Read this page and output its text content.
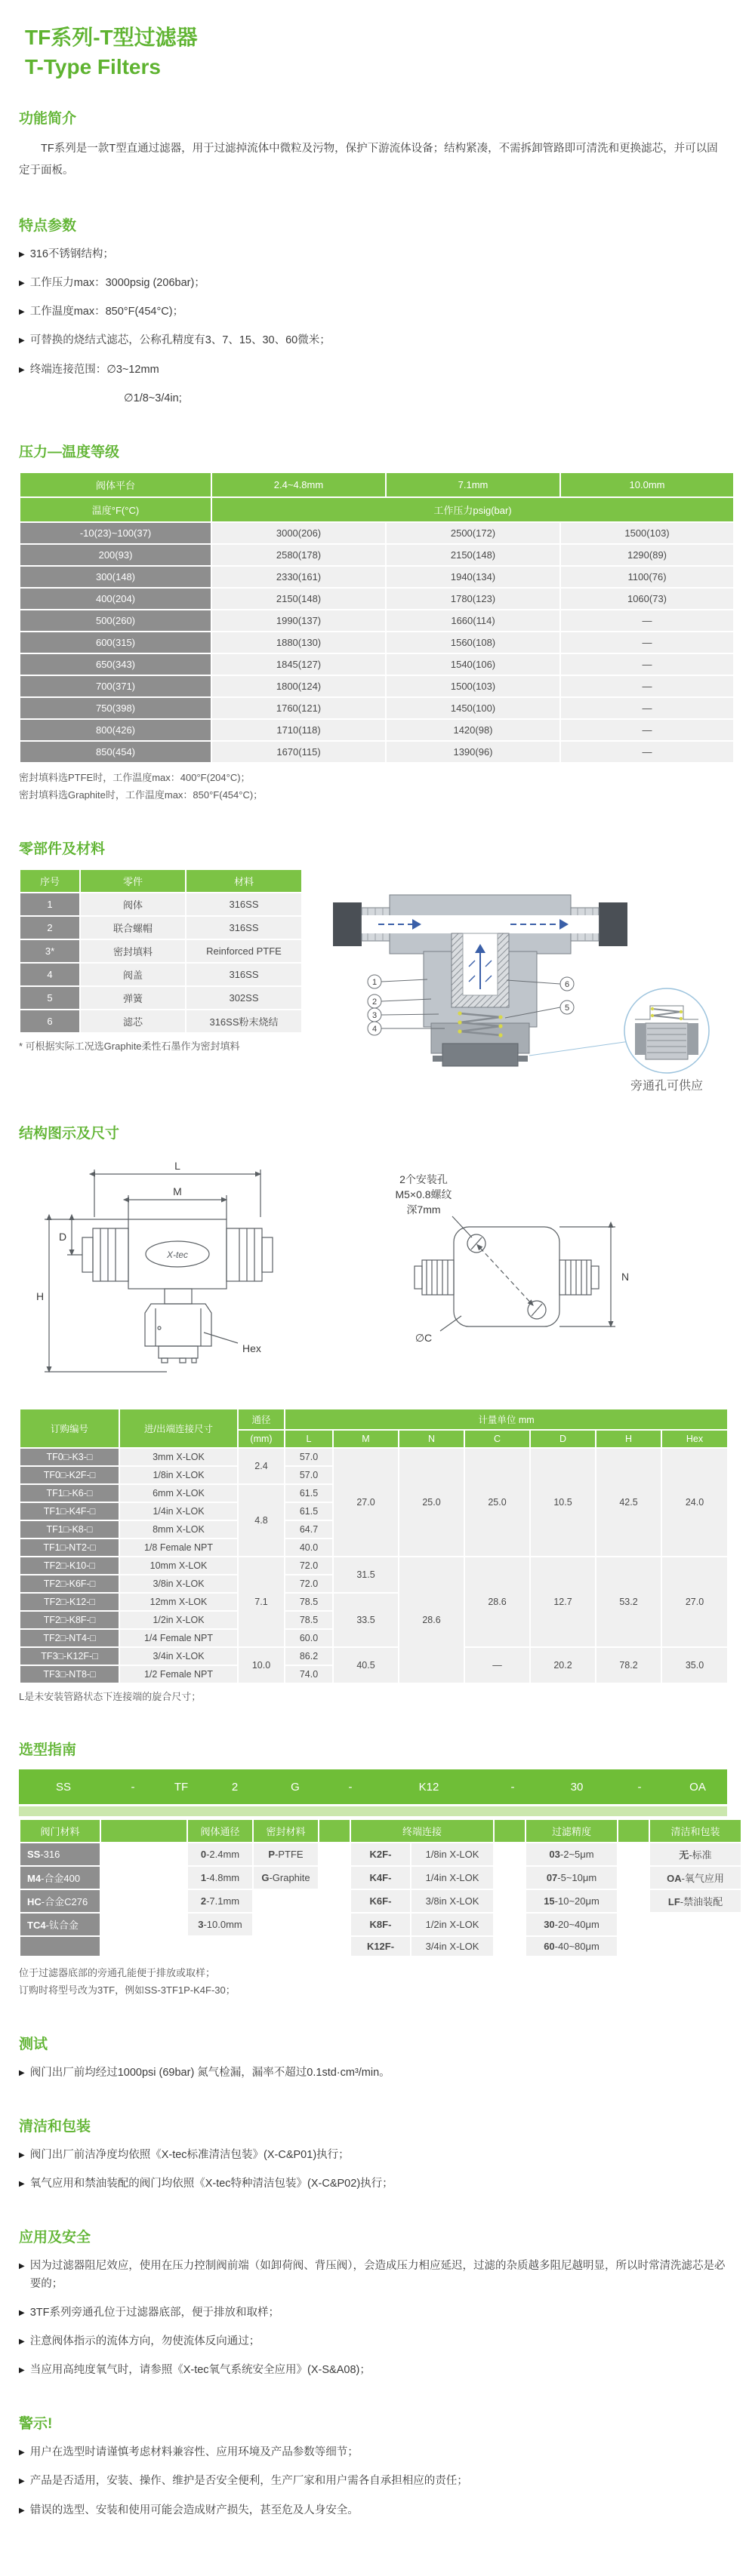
TF系列-T型过滤器
T-Type Filters
功能简介

TF系列是一款T型直通过滤器，用于过滤掉流体中微粒及污物，保护下游流体设备；结构紧凑，不需拆卸管路即可清洗和更换滤芯，并可以固定于面板。

特点参数
▶ 316不锈钢结构；
▶ 工作压力max：3000psig (206bar)；
▶ 工作温度max：850°F(454°C)；
▶ 可替换的烧结式滤芯，公称孔精度有3、7、15、30、60微米；
▶ 终端连接范围：∅3~12mm
∅1/8~3/4in;
压力—温度等级
阀体平台	2.4~4.8mm	7.1mm	10.0mm
温度°F(°C)	工作压力psig(bar)		
-10(23)~100(37)	3000(206)	2500(172)	1500(103)
200(93)	2580(178)	2150(148)	1290(89)
300(148)	2330(161)	1940(134)	1100(76)
400(204)	2150(148)	1780(123)	1060(73)
500(260)	1990(137)	1660(114)	—
600(315)	1880(130)	1560(108)	—
650(343)	1845(127)	1540(106)	—
700(371)	1800(124)	1500(103)	—
750(398)	1760(121)	1450(100)	—
800(426)	1710(118)	1420(98)	—
850(454)	1670(115)	1390(96)	—
密封填料选PTFE时，工作温度max：400°F(204°C)；
密封填料选Graphite时，工作温度max：850°F(454°C)；
零部件及材料
序号	零件	材料
1	阀体	316SS
2	联合螺帽	316SS
3*	密封填料	Reinforced PTFE
4	阀盖	316SS
5	弹簧	302SS
6	滤芯	316SS粉末烧结
* 可根据实际工况选Graphite柔性石墨作为密封填料
1
2
3
4
6
5
旁通孔可供应
结构图示及尺寸
L
M
D
H
Hex
X-tec
2个安装孔
M5×0.8螺纹
深7mm
N
∅C
订购编号	进/出端连接尺寸	通径	计量单位 mm						
		(mm)	L	M	N	C	D	H	Hex
TF0□-K3-□	3mm X-LOK	2.4	57.0	27.0	25.0	25.0	10.5	42.5	24.0
TF0□-K2F-□	1/8in X-LOK		57.0						
TF1□-K6-□	6mm X-LOK	4.8	61.5						
TF1□-K4F-□	1/4in X-LOK		61.5						
TF1□-K8-□	8mm X-LOK		64.7						
TF1□-NT2-□	1/8 Female NPT		40.0						
TF2□-K10-□	10mm X-LOK	7.1	72.0	31.5	28.6	28.6	12.7	53.2	27.0
TF2□-K6F-□	3/8in X-LOK		72.0						
TF2□-K12-□	12mm X-LOK		78.5	33.5					
TF2□-K8F-□	1/2in X-LOK		78.5						
TF2□-NT4-□	1/4 Female NPT		60.0						
TF3□-K12F-□	3/4in X-LOK	10.0	86.2	40.5		—	20.2	78.2	35.0
TF3□-NT8-□	1/2 Female NPT		74.0						
L是未安装管路状态下连接端的旋合尺寸；
选型指南
SS	-	TF	2	G	-	K12	-	30	-	OA
阀门材料		阀体通径	密封材料		终端连接			过滤精度		清洁和包装
SS-316		0-2.4mm	P-PTFE		K2F-	1/8in X-LOK		03-2~5μm		无-标准
M4-合金400		1-4.8mm	G-Graphite		K4F-	1/4in X-LOK		07-5~10μm		OA-氧气应用
HC-合金C276		2-7.1mm			K6F-	3/8in X-LOK		15-10~20μm		LF-禁油装配
TC4-钛合金		3-10.0mm			K8F-	1/2in X-LOK		30-20~40μm		
					K12F-	3/4in X-LOK		60-40~80μm		
位于过滤器底部的旁通孔能便于排放或取样；
订购时将型号改为3TF，例如SS-3TF1P-K4F-30；
测试
▶ 阀门出厂前均经过1000psi (69bar) 氮气检漏，漏率不超过0.1std·cm³/min。
清洁和包装
▶ 阀门出厂前洁净度均依照《X-tec标准清洁包装》(X-C&P01)执行；
▶ 氧气应用和禁油装配的阀门均依照《X-tec特种清洁包装》(X-C&P02)执行；
应用及安全
▶ 因为过滤器阻尼效应，使用在压力控制阀前端（如卸荷阀、背压阀），会造成压力相应延迟，过滤的杂质越多阻尼越明显，所以时常清洗滤芯是必要的；
▶ 3TF系列旁通孔位于过滤器底部，便于排放和取样；
▶ 注意阀体指示的流体方向，勿使流体反向通过；
▶ 当应用高纯度氧气时，请参照《X-tec氧气系统安全应用》(X-S&A08)；
警示!
▶ 用户在选型时请谨慎考虑材料兼容性、应用环境及产品参数等细节；
▶ 产品是否适用，安装、操作、维护是否安全便利，生产厂家和用户需各自承担相应的责任；
▶ 错误的选型、安装和使用可能会造成财产损失，甚至危及人身安全。
